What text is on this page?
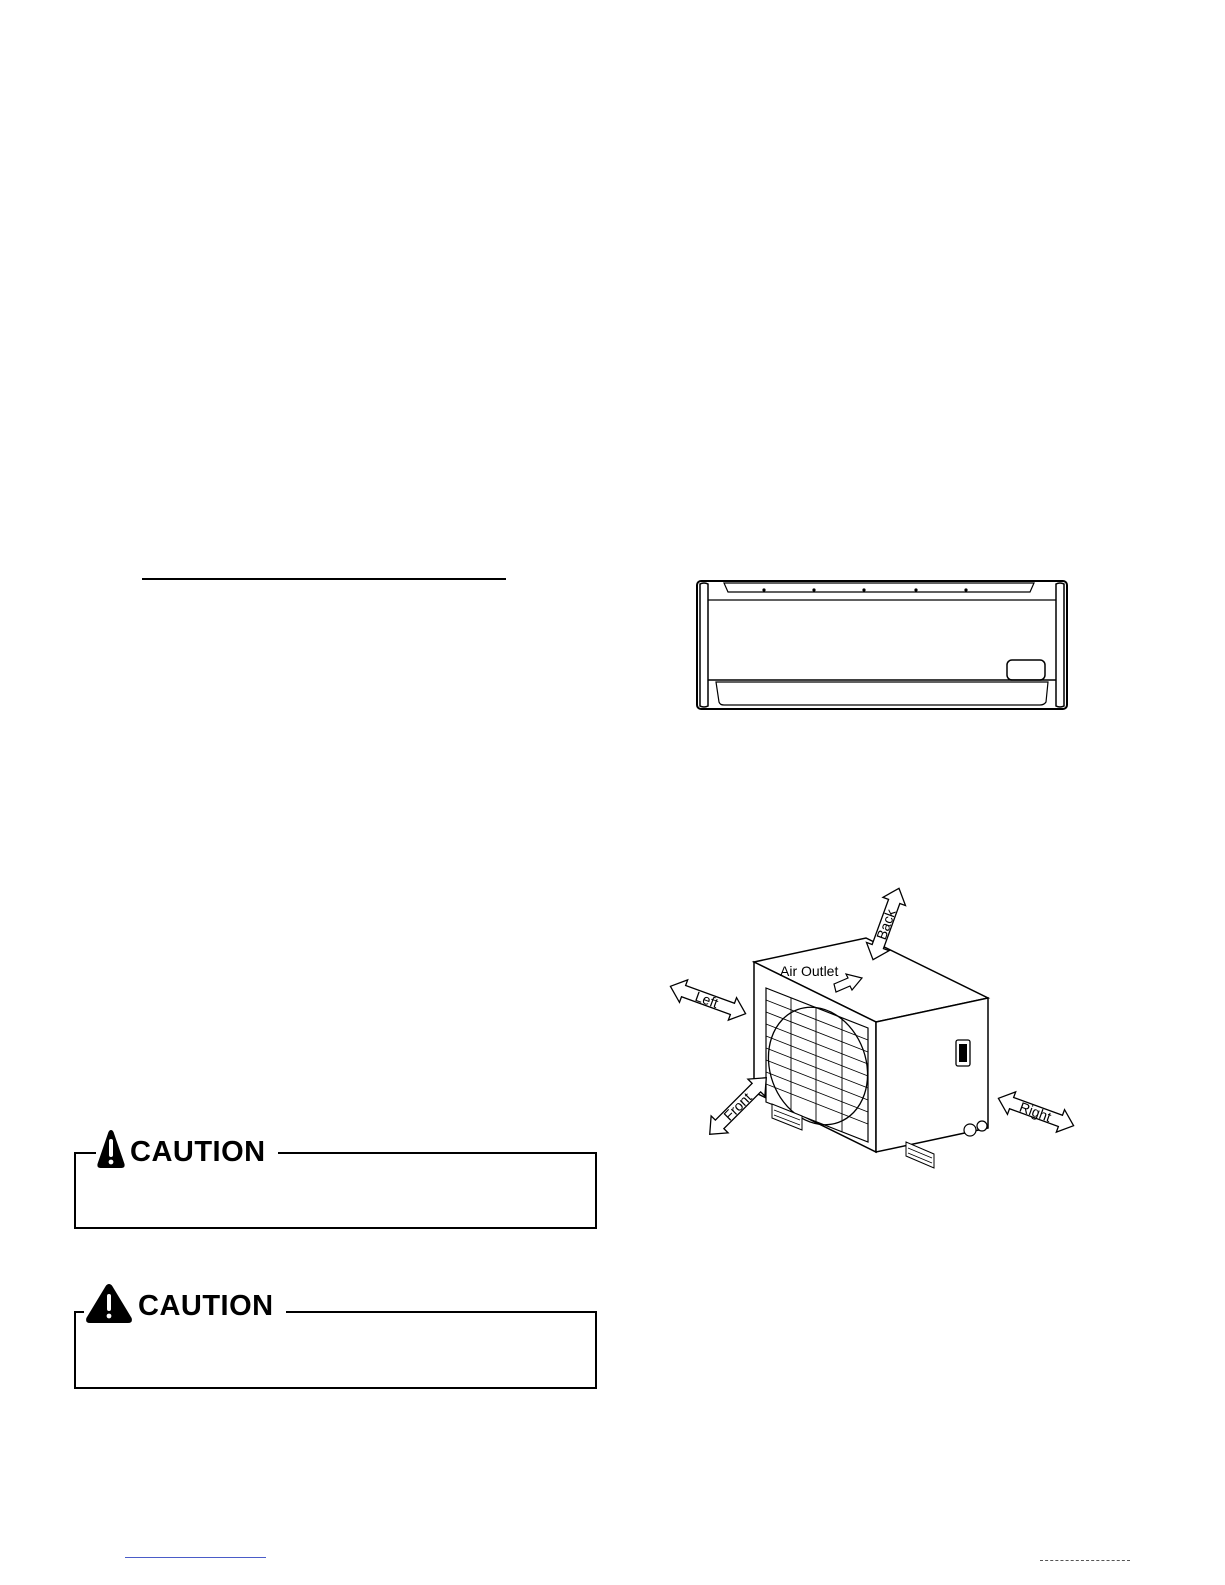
CAUTION
CAUTION
Air Outlet
Back
Left
Front	Right
